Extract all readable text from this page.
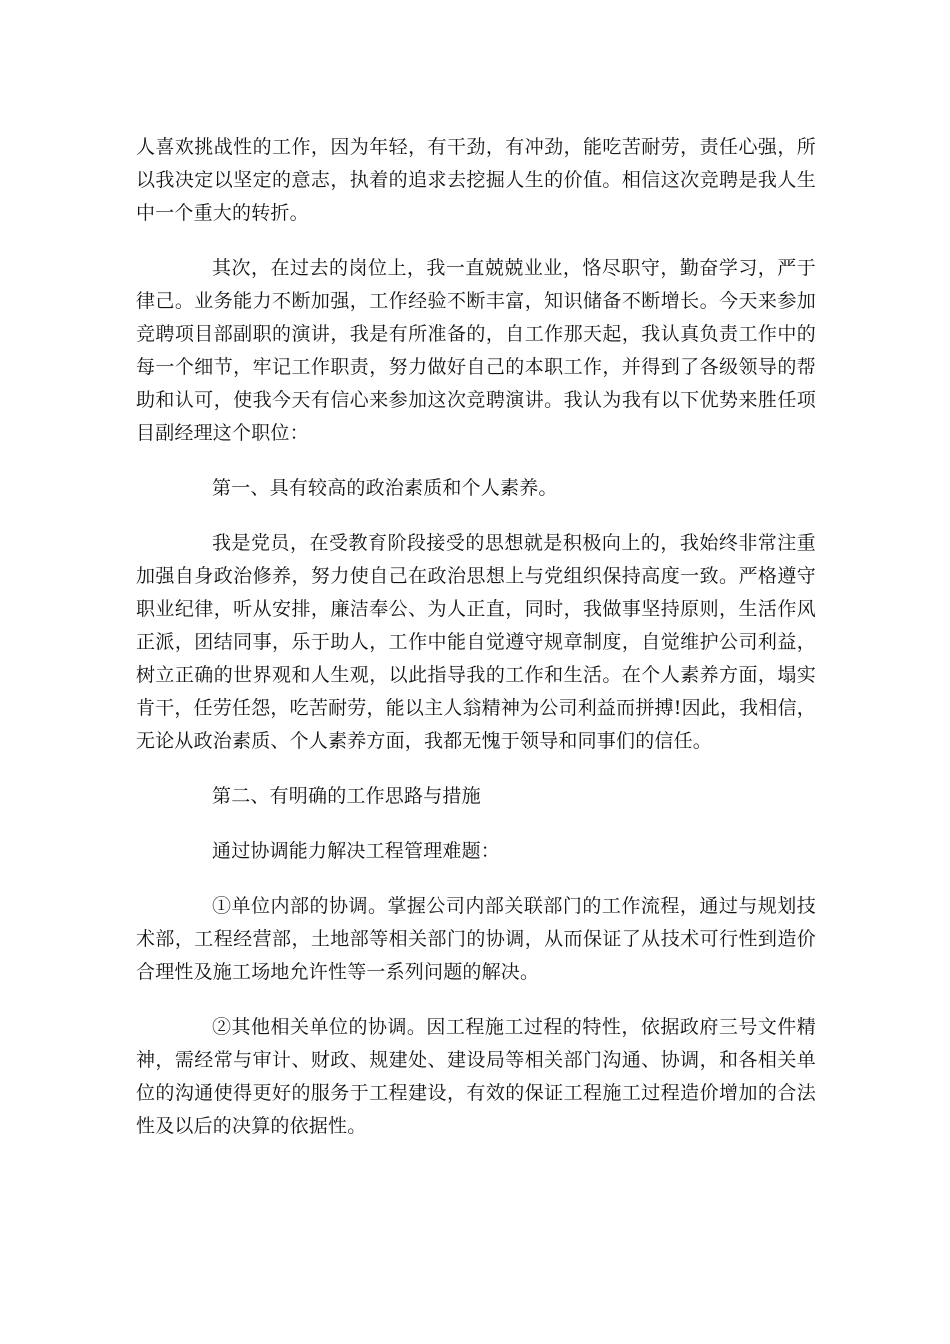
人喜欢挑战性的工作，因为年轻，有干劲，有冲劲，能吃苦耐劳，责任心强，所以我决定以坚定的意志，执着的追求去挖掘人生的价值。相信这次竞聘是我人生中一个重大的转折。

其次，在过去的岗位上，我一直兢兢业业，恪尽职守，勤奋学习，严于律己。业务能力不断加强，工作经验不断丰富，知识储备不断增长。今天来参加竞聘项目部副职的演讲，我是有所准备的，自工作那天起，我认真负责工作中的每一个细节，牢记工作职责，努力做好自己的本职工作，并得到了各级领导的帮助和认可，使我今天有信心来参加这次竞聘演讲。我认为我有以下优势来胜任项目副经理这个职位：

第一、具有较高的政治素质和个人素养。

我是党员，在受教育阶段接受的思想就是积极向上的，我始终非常注重加强自身政治修养，努力使自己在政治思想上与党组织保持高度一致。严格遵守职业纪律，听从安排，廉洁奉公、为人正直，同时，我做事坚持原则，生活作风正派，团结同事，乐于助人，工作中能自觉遵守规章制度，自觉维护公司利益，树立正确的世界观和人生观，以此指导我的工作和生活。在个人素养方面，塌实肯干，任劳任怨，吃苦耐劳，能以主人翁精神为公司利益而拼搏!因此，我相信，无论从政治素质、个人素养方面，我都无愧于领导和同事们的信任。

第二、有明确的工作思路与措施

通过协调能力解决工程管理难题：

①单位内部的协调。掌握公司内部关联部门的工作流程，通过与规划技术部，工程经营部，土地部等相关部门的协调，从而保证了从技术可行性到造价合理性及施工场地允许性等一系列问题的解决。

②其他相关单位的协调。因工程施工过程的特性，依据政府三号文件精神，需经常与审计、财政、规建处、建设局等相关部门沟通、协调，和各相关单位的沟通使得更好的服务于工程建设，有效的保证工程施工过程造价增加的合法性及以后的决算的依据性。
